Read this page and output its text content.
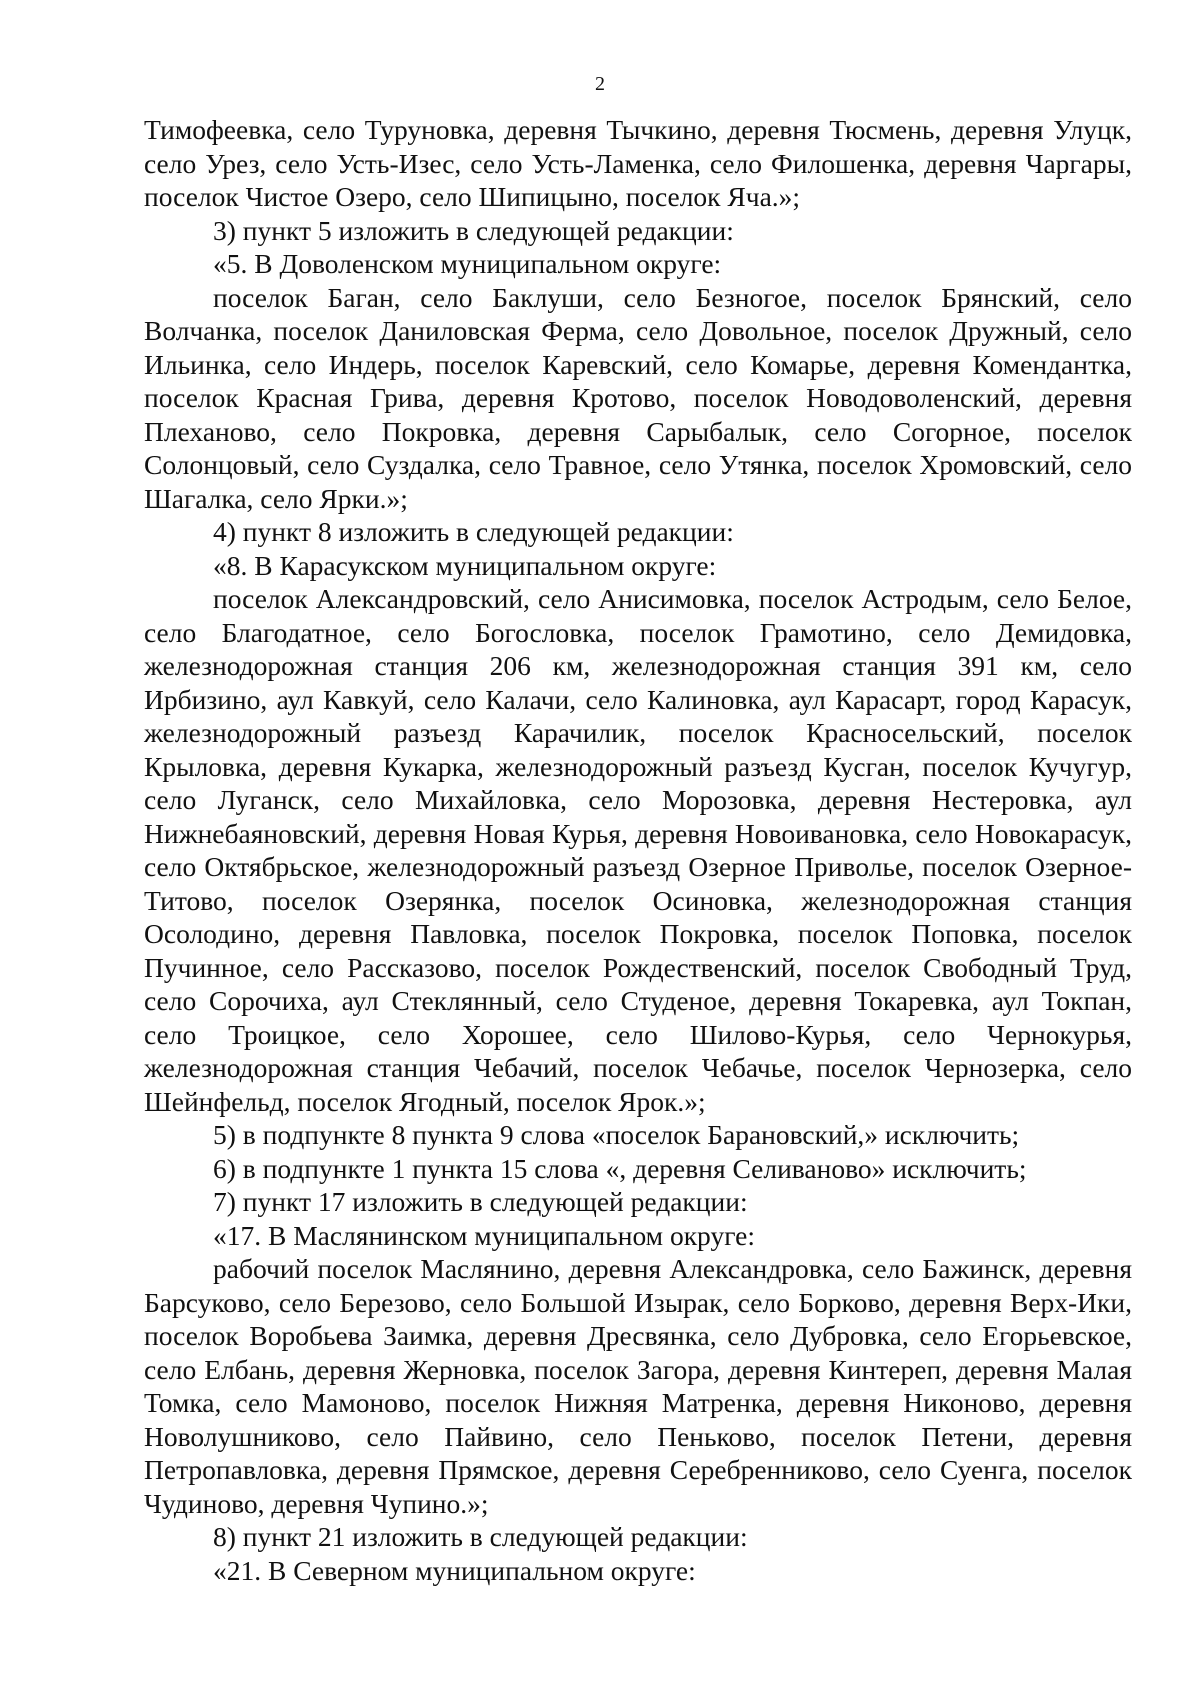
2

Тимофеевка, село Туруновка, деревня Тычкино, деревня Тюсмень, деревня Улуцк, село Урез, село Усть-Изес, село Усть-Ламенка, село Филошенка, деревня Чаргары, поселок Чистое Озеро, село Шипицыно, поселок Яча.»;

3) пункт 5 изложить в следующей редакции:

«5. В Доволенском муниципальном округе:

поселок Баган, село Баклуши, село Безногое, поселок Брянский, село Волчанка, поселок Даниловская Ферма, село Довольное, поселок Дружный, село Ильинка, село Индерь, поселок Каревский, село Комарье, деревня Комендантка, поселок Красная Грива, деревня Кротово, поселок Новодоволенский, деревня Плеханово, село Покровка, деревня Сарыбалык, село Согорное, поселок Солонцовый, село Суздалка, село Травное, село Утянка, поселок Хромовский, село Шагалка, село Ярки.»;

4) пункт 8 изложить в следующей редакции:

«8. В Карасукском муниципальном округе:

поселок Александровский, село Анисимовка, поселок Астродым, село Белое, село Благодатное, село Богословка, поселок Грамотино, село Демидовка, железнодорожная станция 206 км, железнодорожная станция 391 км, село Ирбизино, аул Кавкуй, село Калачи, село Калиновка, аул Карасарт, город Карасук, железнодорожный разъезд Карачилик, поселок Красносельский, поселок Крыловка, деревня Кукарка, железнодорожный разъезд Кусган, поселок Кучугур, село Луганск, село Михайловка, село Морозовка, деревня Нестеровка, аул Нижнебаяновский, деревня Новая Курья, деревня Новоивановка, село Новокарасук, село Октябрьское, железнодорожный разъезд Озерное Приволье, поселок Озерное-Титово, поселок Озерянка, поселок Осиновка, железнодорожная станция Осолодино, деревня Павловка, поселок Покровка, поселок Поповка, поселок Пучинное, село Рассказово, поселок Рождественский, поселок Свободный Труд, село Сорочиха, аул Стеклянный, село Студеное, деревня Токаревка, аул Токпан, село Троицкое, село Хорошее, село Шилово-Курья, село Чернокурья, железнодорожная станция Чебачий, поселок Чебачье, поселок Чернозерка, село Шейнфельд, поселок Ягодный, поселок Ярок.»;

5) в подпункте 8 пункта 9 слова «поселок Барановский,» исключить;

6) в подпункте 1 пункта 15 слова «, деревня Селиваново» исключить;

7) пункт 17 изложить в следующей редакции:

«17. В Маслянинском муниципальном округе:

рабочий поселок Маслянино, деревня Александровка, село Бажинск, деревня Барсуково, село Березово, село Большой Изырак, село Борково, деревня Верх-Ики, поселок Воробьева Заимка, деревня Дресвянка, село Дубровка, село Егорьевское, село Елбань, деревня Жерновка, поселок Загора, деревня Кинтереп, деревня Малая Томка, село Мамоново, поселок Нижняя Матренка, деревня Никоново, деревня Новолушниково, село Пайвино, село Пеньково, поселок Петени, деревня Петропавловка, деревня Прямское, деревня Серебренниково, село Суенга, поселок Чудиново, деревня Чупино.»;

8) пункт 21 изложить в следующей редакции:

«21. В Северном муниципальном округе:
